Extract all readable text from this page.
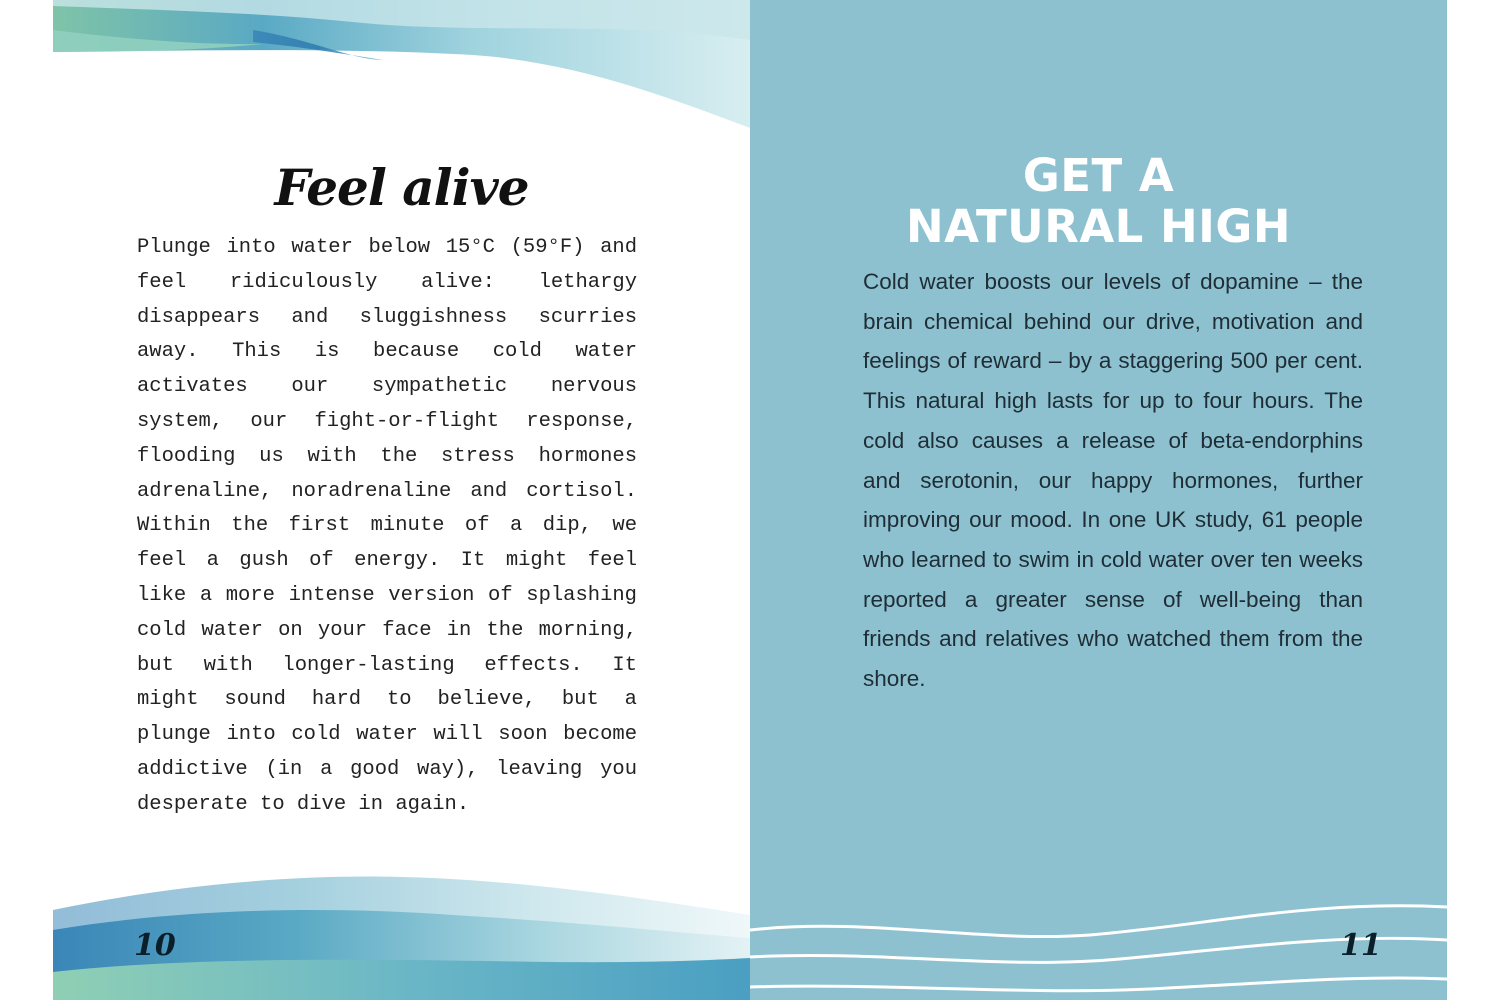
Feel alive

Plunge into water below 15°C (59°F) and feel ridiculously alive: lethargy disappears and sluggishness scurries away. This is because cold water activates our sympathetic nervous system, our fight-or-flight response, flooding us with the stress hormones adrenaline, noradrenaline and cortisol. Within the first minute of a dip, we feel a gush of energy. It might feel like a more intense version of splashing cold water on your face in the morning, but with longer-lasting effects. It might sound hard to believe, but a plunge into cold water will soon become addictive (in a good way), leaving you desperate to dive in again.

10
GET A
NATURAL HIGH

Cold water boosts our levels of dopamine – the brain chemical behind our drive, motivation and feelings of reward – by a staggering 500 per cent. This natural high lasts for up to four hours. The cold also causes a release of beta-endorphins and serotonin, our happy hormones, further improving our mood. In one UK study, 61 people who learned to swim in cold water over ten weeks reported a greater sense of well-being than friends and relatives who watched them from the shore.

11
